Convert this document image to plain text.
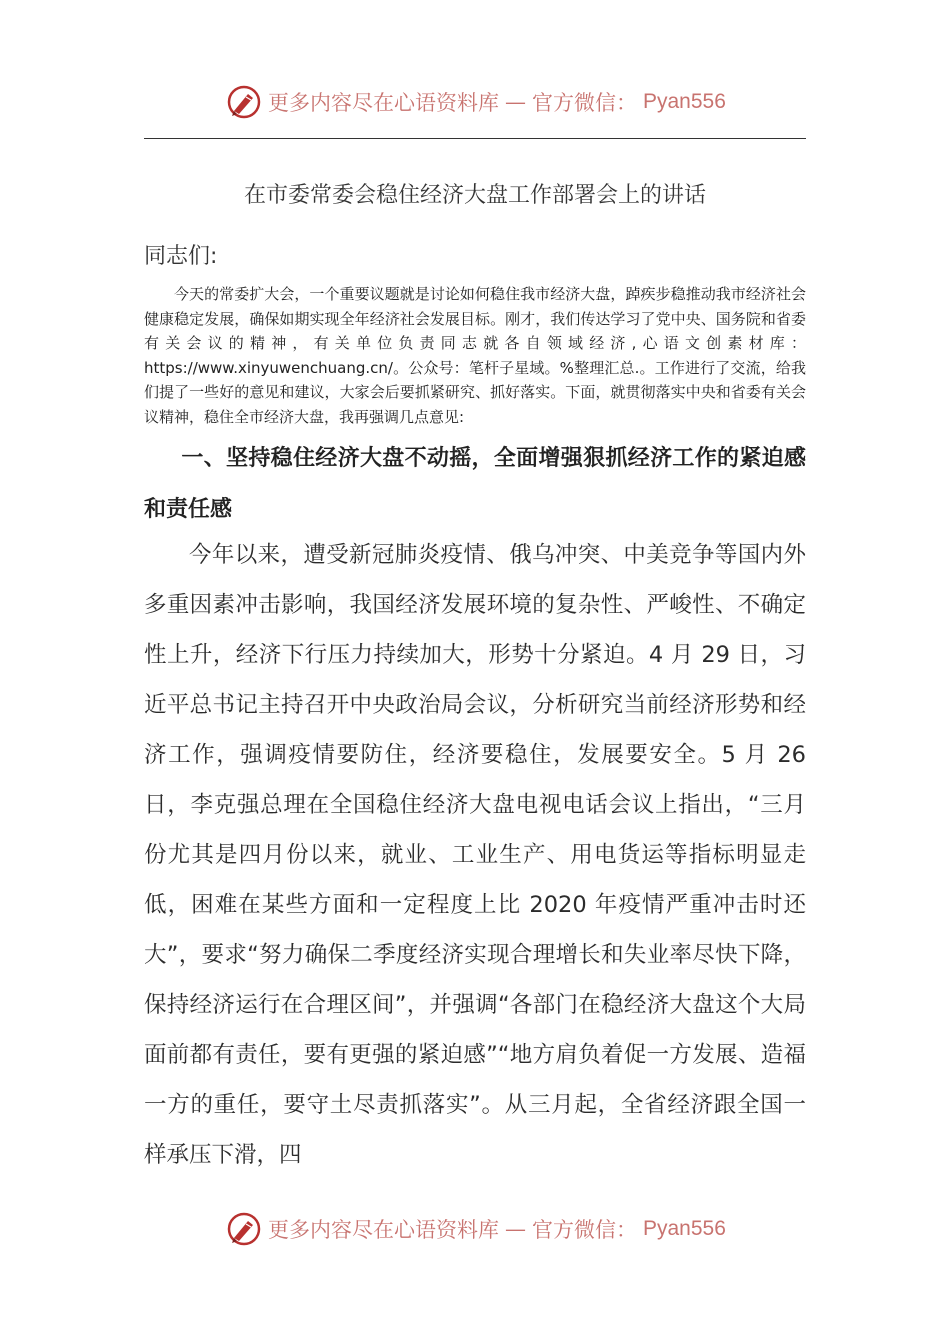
更多内容尽在心语资料库 — 官方微信： Pyan556
在市委常委会稳住经济大盘工作部署会上的讲话
同志们:

今天的常委扩大会，一个重要议题就是讨论如何稳住我市经济大盘，踔疾步稳推动我市经济社会健康稳定发展，确保如期实现全年经济社会发展目标。刚才，我们传达学习了党中央、国务院和省委有关会议的精神，有关单位负责同志就各自领域经济,心语文创素材库：https://www.xinyuwenchuang.cn/。公众号：笔杆子星域。%整理汇总.。工作进行了交流，给我们提了一些好的意见和建议，大家会后要抓紧研究、抓好落实。下面，就贯彻落实中央和省委有关会议精神，稳住全市经济大盘，我再强调几点意见:

一、坚持稳住经济大盘不动摇，全面增强狠抓经济工作的紧迫感和责任感

今年以来，遭受新冠肺炎疫情、俄乌冲突、中美竞争等国内外多重因素冲击影响，我国经济发展环境的复杂性、严峻性、不确定性上升，经济下行压力持续加大，形势十分紧迫。4 月 29 日，习近平总书记主持召开中央政治局会议，分析研究当前经济形势和经济工作，强调疫情要防住，经济要稳住，发展要安全。5 月 26 日，李克强总理在全国稳住经济大盘电视电话会议上指出，“三月份尤其是四月份以来，就业、工业生产、用电货运等指标明显走低，困难在某些方面和一定程度上比 2020 年疫情严重冲击时还大”，要求“努力确保二季度经济实现合理增长和失业率尽快下降，保持经济运行在合理区间”，并强调“各部门在稳经济大盘这个大局面前都有责任，要有更强的紧迫感”“地方肩负着促一方发展、造福一方的重任，要守土尽责抓落实”。从三月起，全省经济跟全国一样承压下滑，四

更多内容尽在心语资料库 — 官方微信： Pyan556
